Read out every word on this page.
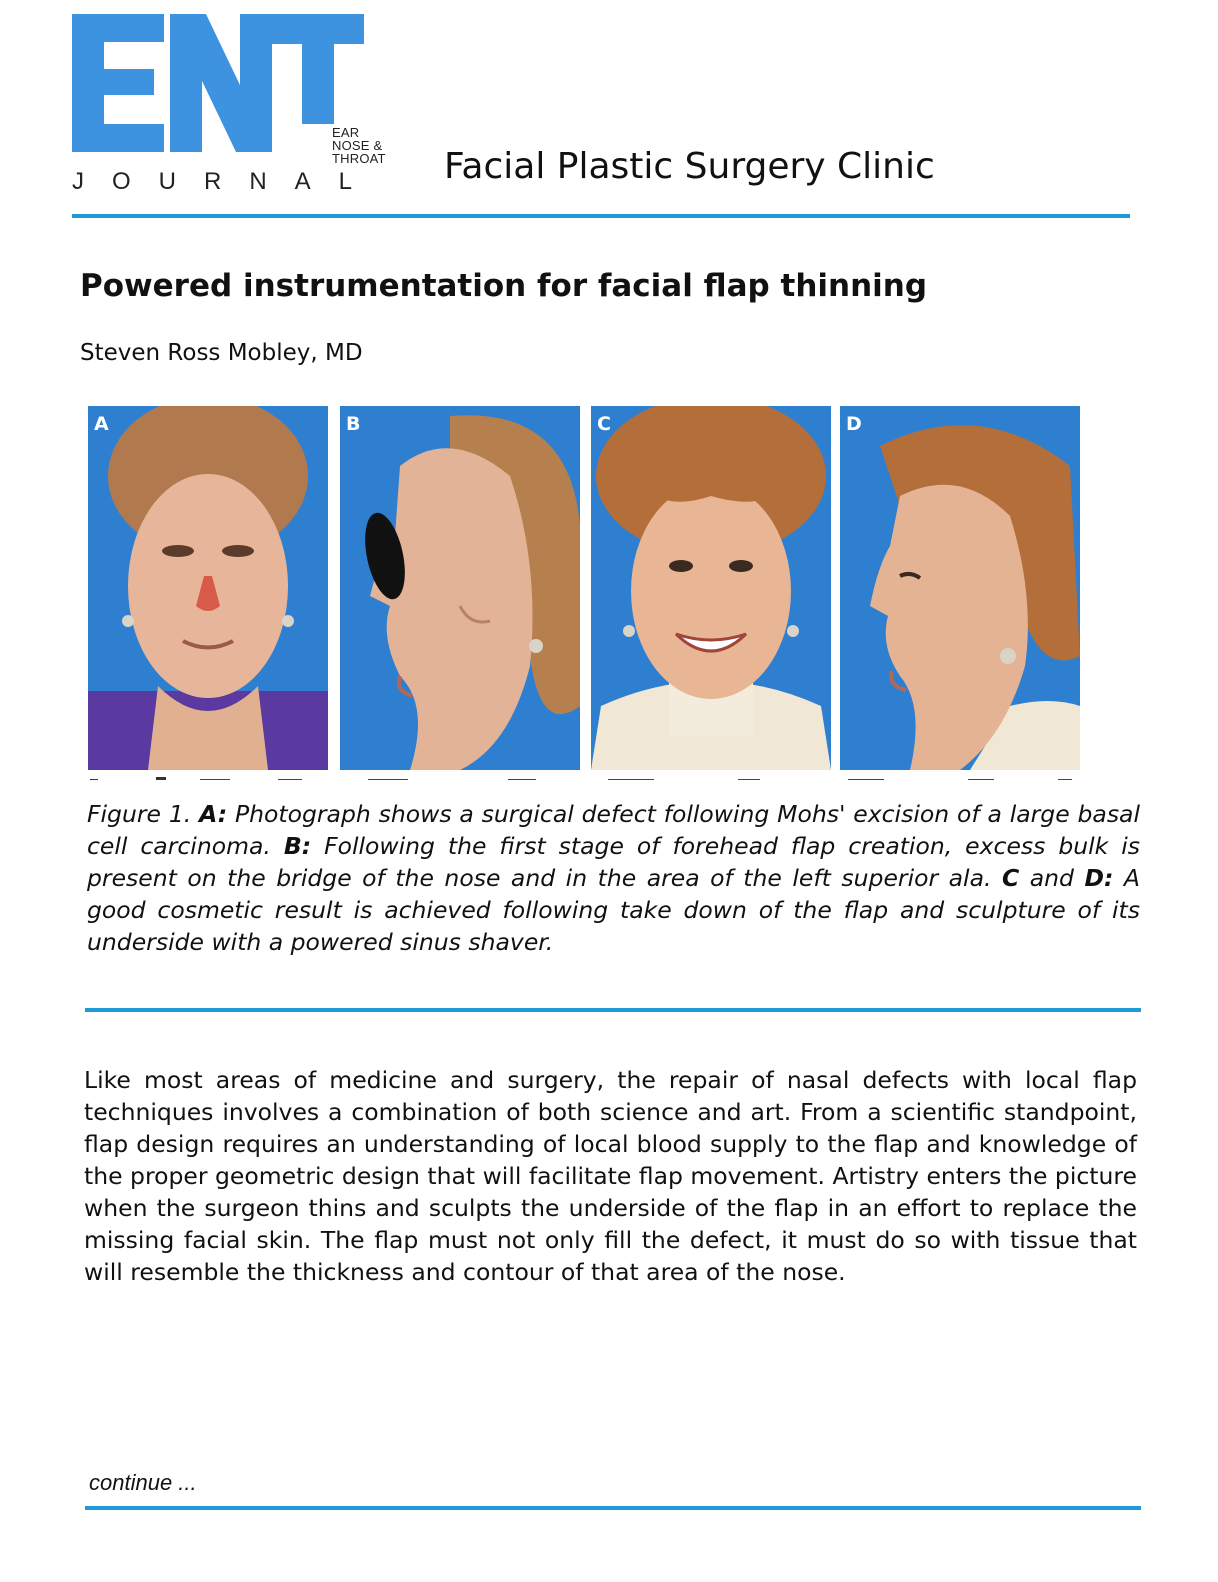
EAR
NOSE &
THROAT
JOURNAL Facial Plastic Surgery Clinic
Powered instrumentation for facial flap thinning
Steven Ross Mobley, MD
A	B	C	D
Figure 1. A: Photograph shows a surgical defect following Mohs' excision of a large basal cell carcinoma. B: Following the first stage of forehead flap creation, excess bulk is present on the bridge of the nose and in the area of the left superior ala. C and D: A good cosmetic result is achieved following take down of the flap and sculpture of its underside with a powered sinus shaver.
Like most areas of medicine and surgery, the repair of nasal defects with local flap techniques involves a combination of both science and art. From a scientific standpoint, flap design requires an understanding of local blood supply to the flap and knowledge of the proper geometric design that will facilitate flap movement. Artistry enters the picture when the surgeon thins and sculpts the underside of the flap in an effort to replace the missing facial skin. The flap must not only fill the defect, it must do so with tissue that will resemble the thickness and contour of that area of the nose.
continue ...
